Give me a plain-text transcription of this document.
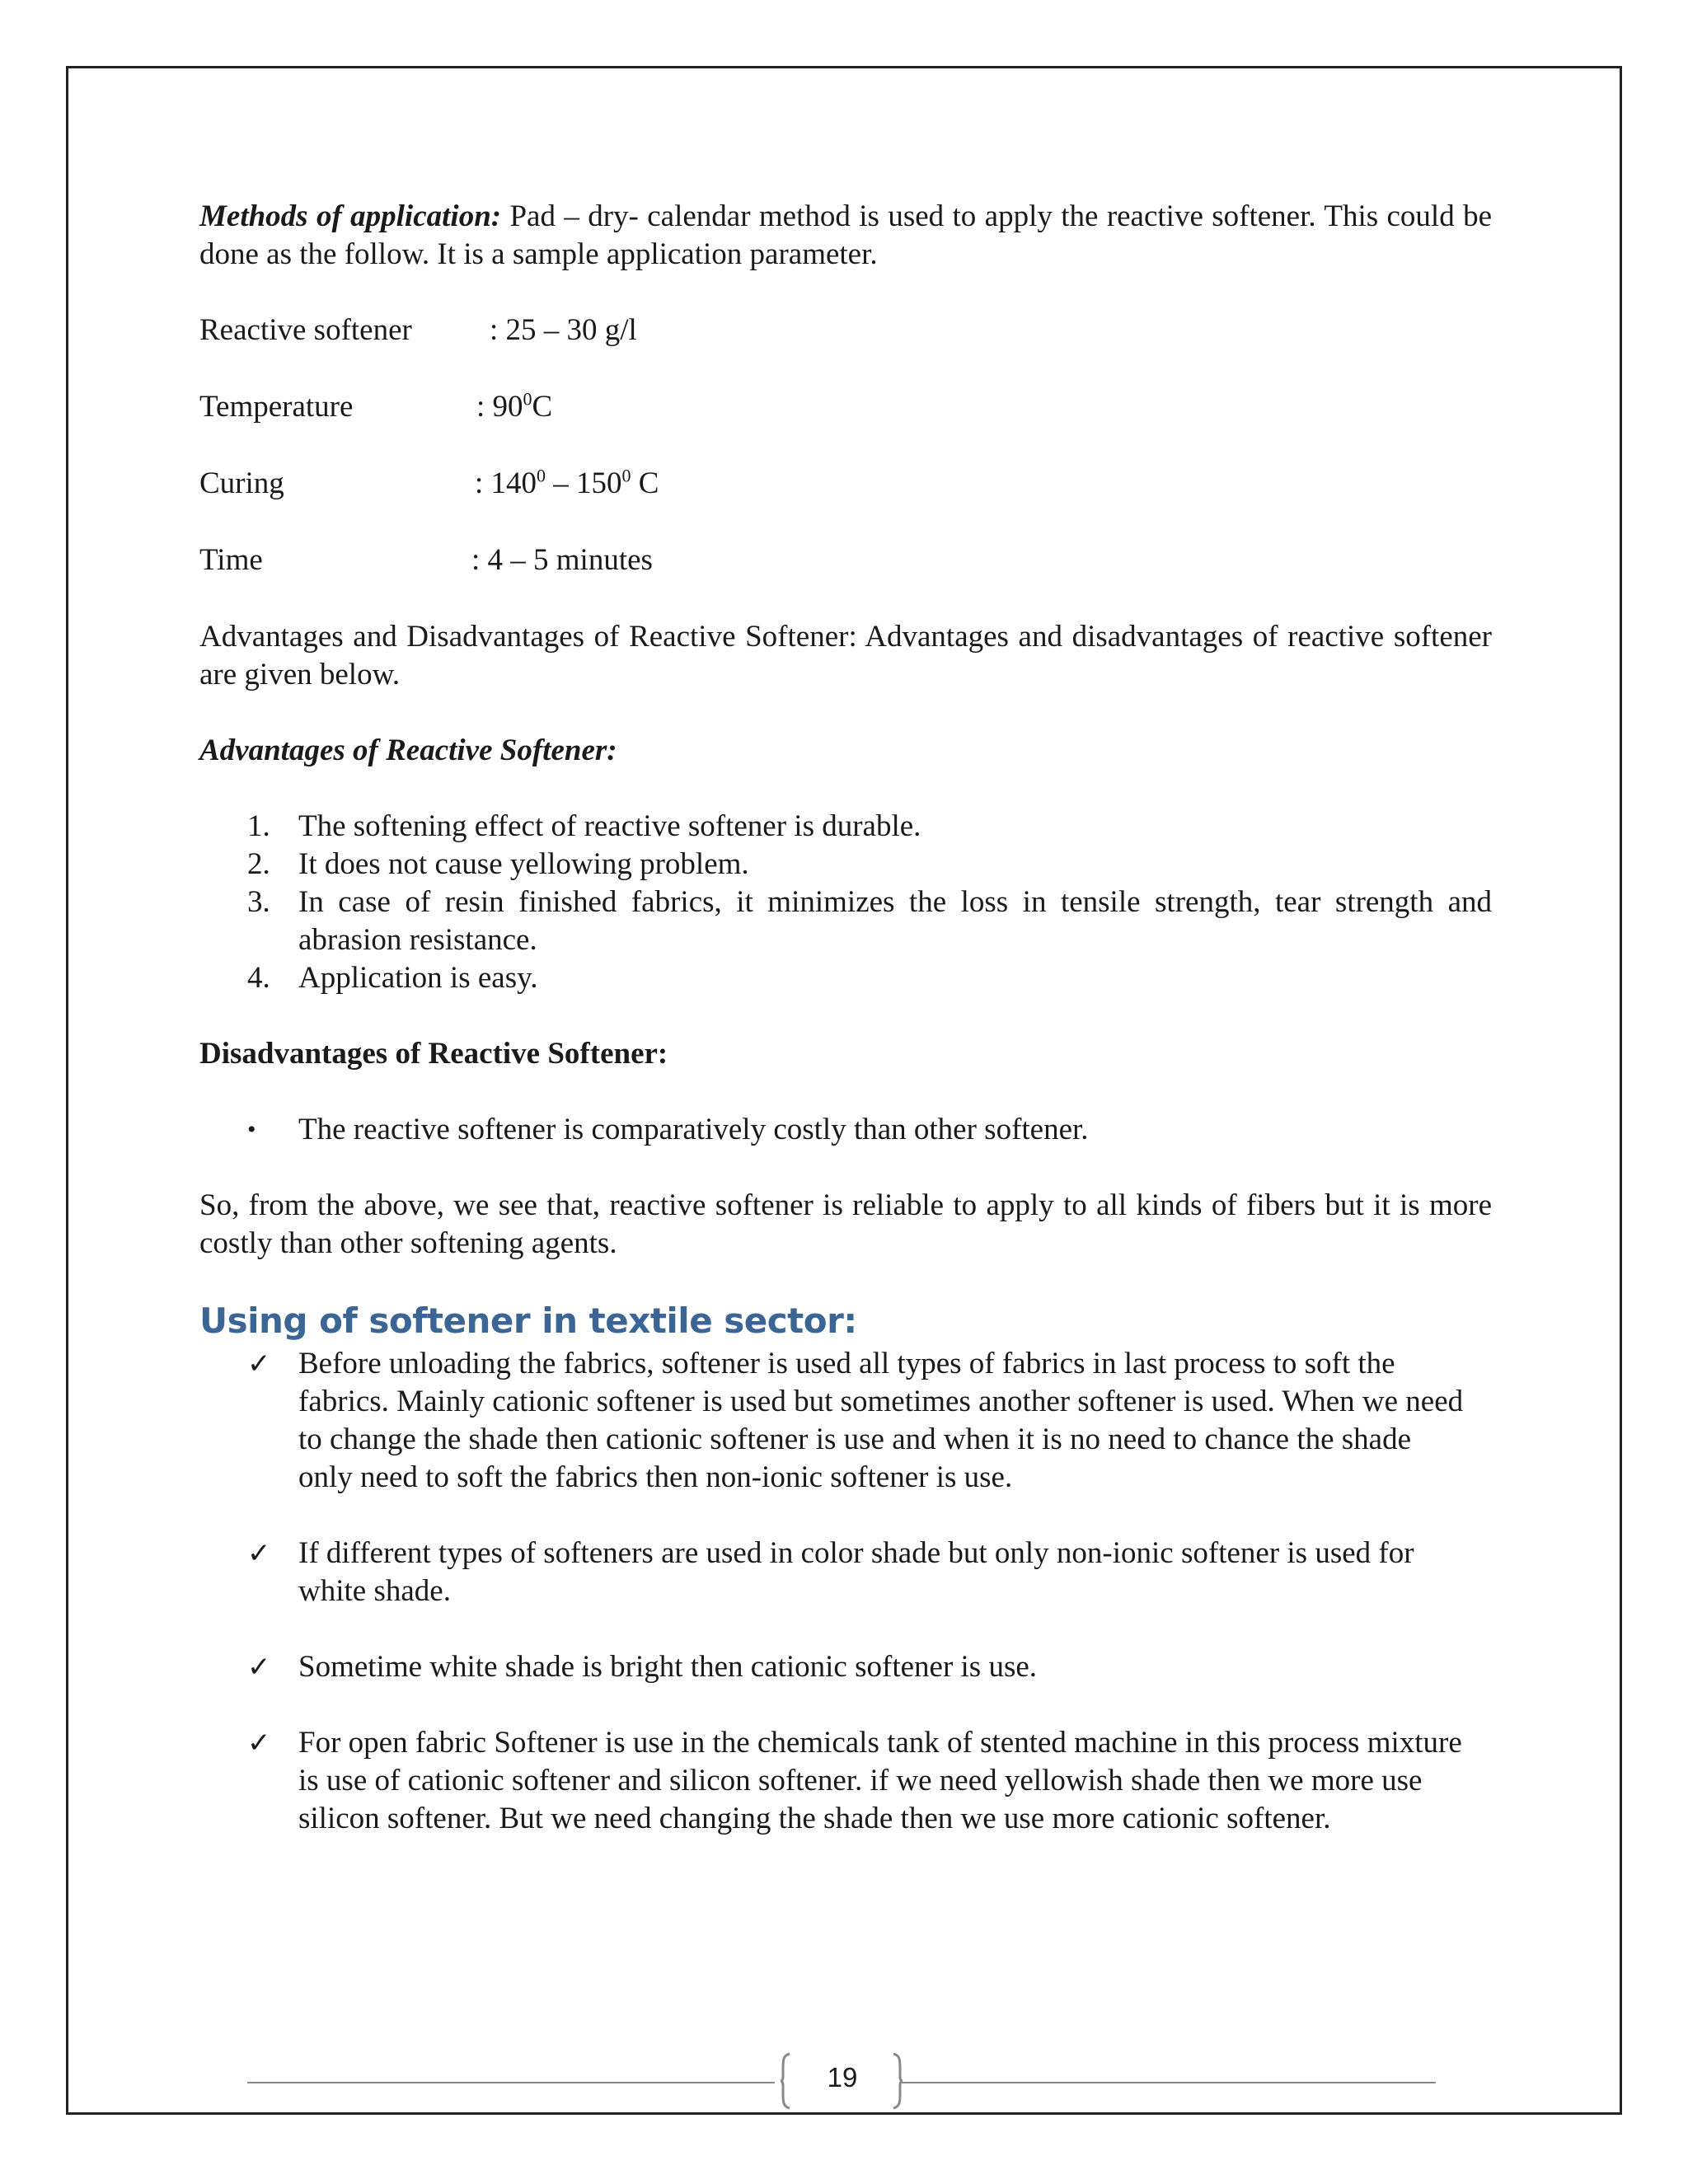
Methods of application: Pad – dry- calendar method is used to apply the reactive softener. This could be done as the follow. It is a sample application parameter.

Reactive softener	: 25 – 30 g/l
Temperature	: $90^0C$
Curing	: $140^0 - 150^0$ C
Time	: 4 – 5 minutes

Advantages and Disadvantages of Reactive Softener: Advantages and disadvantages of reactive softener are given below.

Advantages of Reactive Softener:

1. The softening effect of reactive softener is durable.
2. It does not cause yellowing problem.
3. In case of resin finished fabrics, it minimizes the loss in tensile strength, tear strength and abrasion resistance.
4. Application is easy.

Disadvantages of Reactive Softener:

•	The reactive softener is comparatively costly than other softener.

So, from the above, we see that, reactive softener is reliable to apply to all kinds of fibers but it is more costly than other softening agents.

Using of softener in textile sector:
✓ Before unloading the fabrics, softener is used all types of fabrics in last process to soft the fabrics. Mainly cationic softener is used but sometimes another softener is used. When we need to change the shade then cationic softener is use and when it is no need to chance the shade only need to soft the fabrics then non-ionic softener is use.
✓ If different types of softeners are used in color shade but only non-ionic softener is used for white shade.
✓ Sometime white shade is bright then cationic softener is use.
✓ For open fabric Softener is use in the chemicals tank of stented machine in this process mixture is use of cationic softener and silicon softener. if we need yellowish shade then we more use silicon softener. But we need changing the shade then we use more cationic softener.
19
